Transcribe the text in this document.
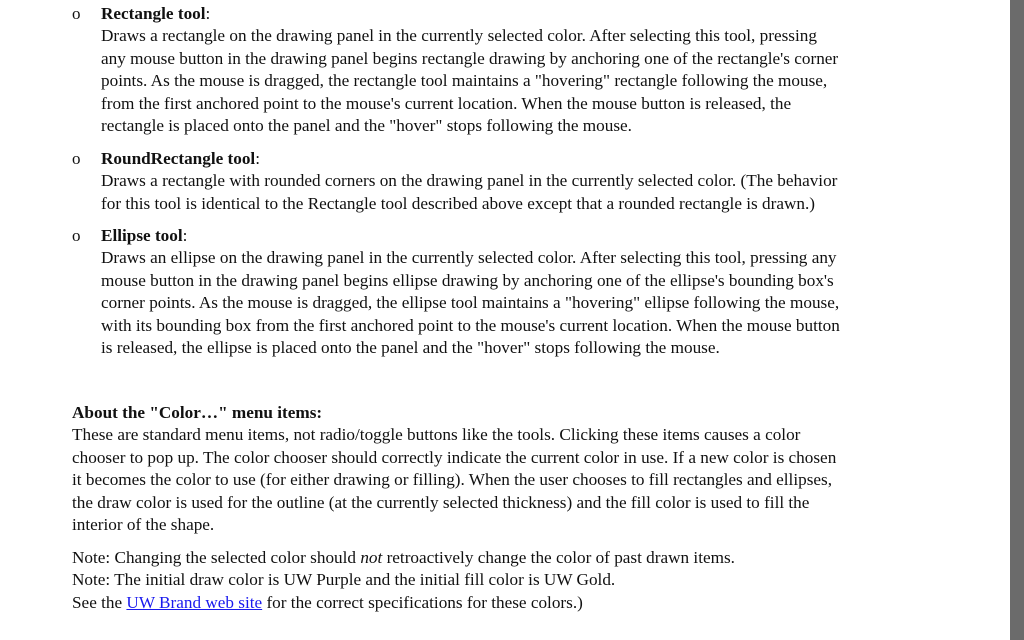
o Rectangle tool:
Draws a rectangle on the drawing panel in the currently selected color. After selecting this tool, pressing
any mouse button in the drawing panel begins rectangle drawing by anchoring one of the rectangle's corner
points. As the mouse is dragged, the rectangle tool maintains a "hovering" rectangle following the mouse,
from the first anchored point to the mouse's current location. When the mouse button is released, the
rectangle is placed onto the panel and the "hover" stops following the mouse.
o RoundRectangle tool:
Draws a rectangle with rounded corners on the drawing panel in the currently selected color. (The behavior
for this tool is identical to the Rectangle tool described above except that a rounded rectangle is drawn.)
o Ellipse tool:
Draws an ellipse on the drawing panel in the currently selected color. After selecting this tool, pressing any
mouse button in the drawing panel begins ellipse drawing by anchoring one of the ellipse's bounding box's
corner points. As the mouse is dragged, the ellipse tool maintains a "hovering" ellipse following the mouse,
with its bounding box from the first anchored point to the mouse's current location. When the mouse button
is released, the ellipse is placed onto the panel and the "hover" stops following the mouse.
About the "Color…" menu items:
These are standard menu items, not radio/toggle buttons like the tools. Clicking these items causes a color
chooser to pop up. The color chooser should correctly indicate the current color in use. If a new color is chosen
it becomes the color to use (for either drawing or filling). When the user chooses to fill rectangles and ellipses,
the draw color is used for the outline (at the currently selected thickness) and the fill color is used to fill the
interior of the shape.
Note: Changing the selected color should not retroactively change the color of past drawn items.
Note: The initial draw color is UW Purple and the initial fill color is UW Gold.
See the UW Brand web site for the correct specifications for these colors.)
